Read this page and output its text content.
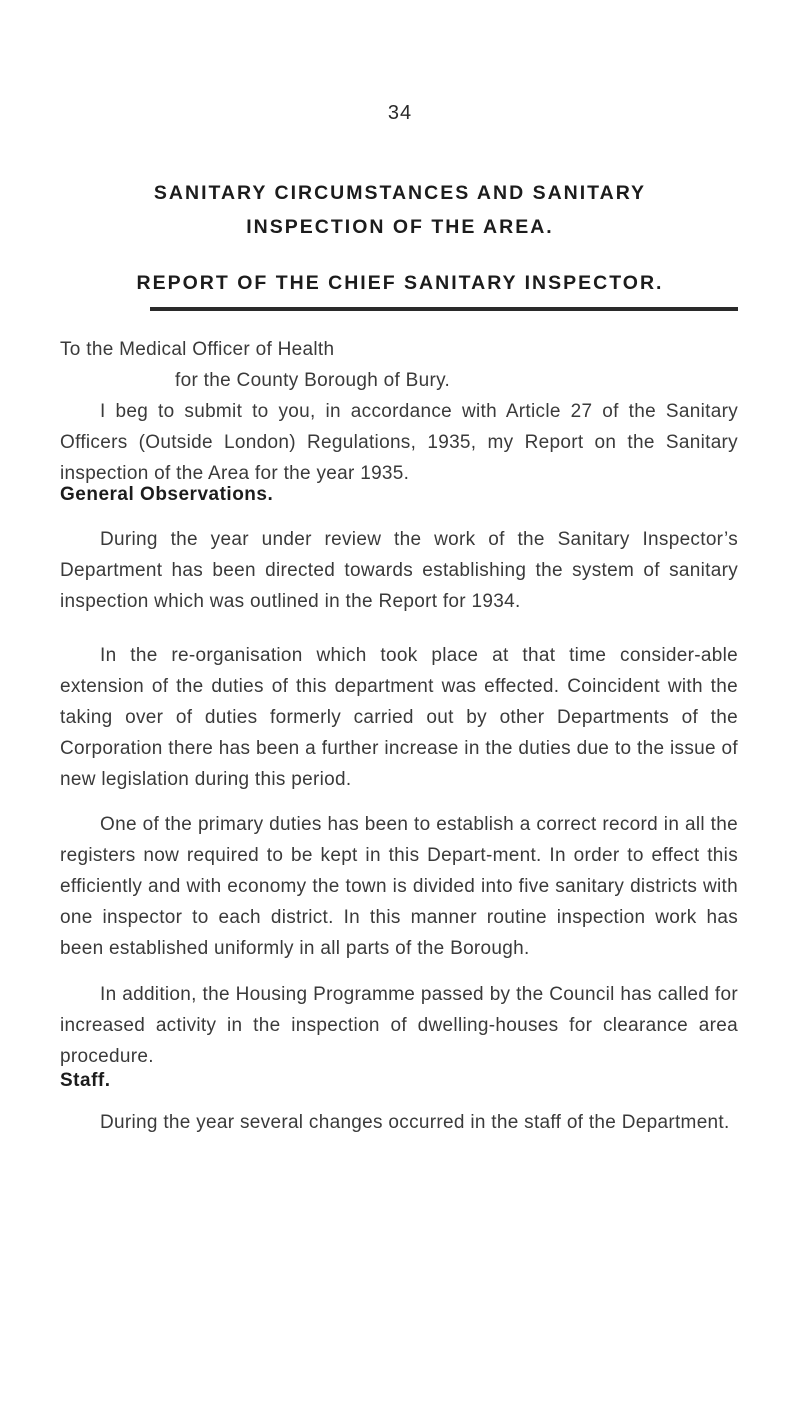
34
SANITARY CIRCUMSTANCES AND SANITARY
INSPECTION OF THE AREA.
REPORT OF THE CHIEF SANITARY INSPECTOR.
To the Medical Officer of Health
for the County Borough of Bury.
I beg to submit to you, in accordance with Article 27 of the Sanitary Officers (Outside London) Regulations, 1935, my Report on the Sanitary inspection of the Area for the year 1935.
General Observations.
During the year under review the work of the Sanitary Inspector’s Department has been directed towards establishing the system of sanitary inspection which was outlined in the Report for 1934.
In the re-organisation which took place at that time consider-able extension of the duties of this department was effected. Coincident with the taking over of duties formerly carried out by other Departments of the Corporation there has been a further increase in the duties due to the issue of new legislation during this period.
One of the primary duties has been to establish a correct record in all the registers now required to be kept in this Depart-ment. In order to effect this efficiently and with economy the town is divided into five sanitary districts with one inspector to each district. In this manner routine inspection work has been established uniformly in all parts of the Borough.
In addition, the Housing Programme passed by the Council has called for increased activity in the inspection of dwelling-houses for clearance area procedure.
Staff.
During the year several changes occurred in the staff of the Department.
